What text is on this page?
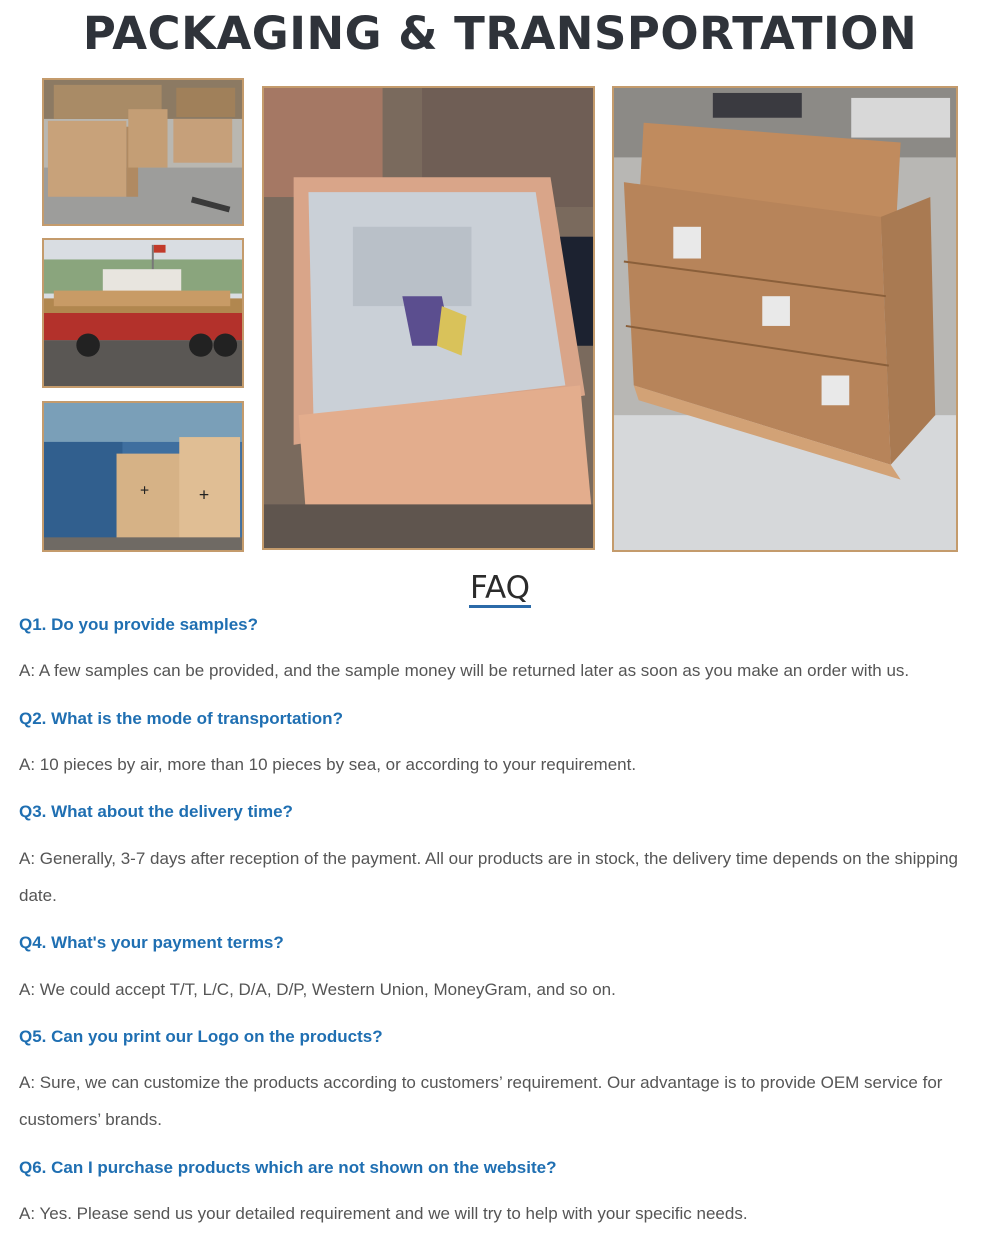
PACKAGING & TRANSPORTATION
+	+
FAQ
Q1. Do you provide samples?
A: A few samples can be provided, and the sample money will be returned later as soon as you make an order with us.
Q2. What is the mode of transportation?
A: 10 pieces by air, more than 10 pieces by sea, or according to your requirement.
Q3. What about the delivery time?
A: Generally, 3-7 days after reception of the payment. All our products are in stock, the delivery time depends on the shipping date.
Q4. What's your payment terms?
A: We could accept T/T, L/C, D/A, D/P, Western Union, MoneyGram, and so on.
Q5. Can you print our Logo on the products?
A: Sure, we can customize the products according to customers’ requirement. Our advantage is to provide OEM service for customers’ brands.
Q6. Can I purchase products which are not shown on the website?
A: Yes. Please send us your detailed requirement and we will try to help with your specific needs.
